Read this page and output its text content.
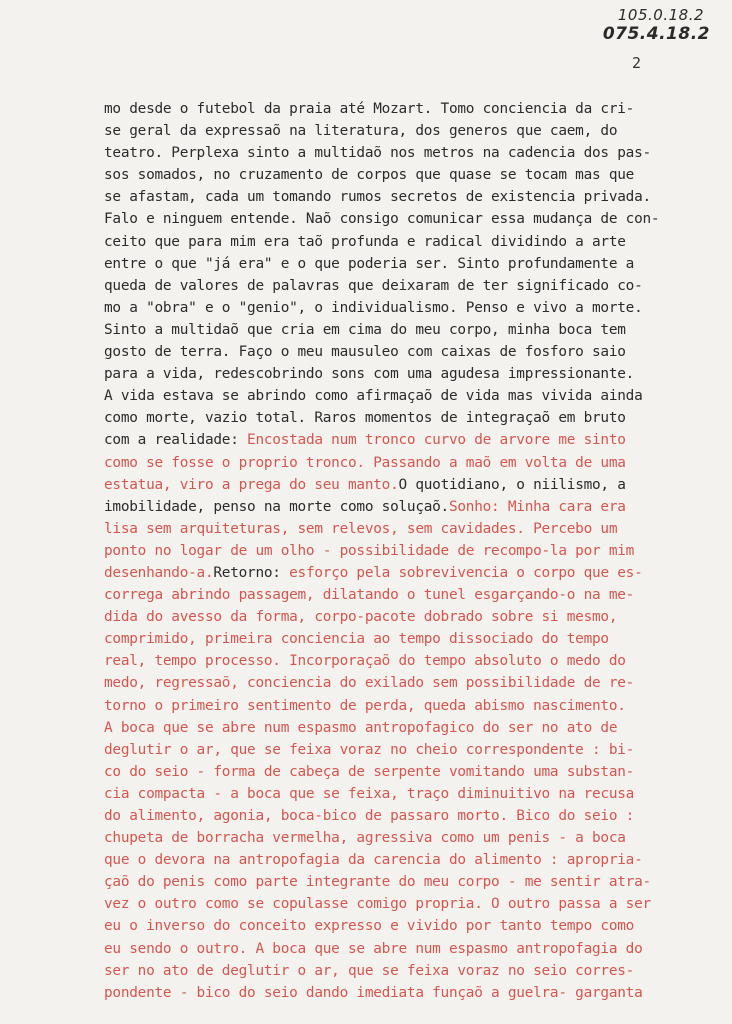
105.0.18.2
075.4.18.2
2
mo desde o futebol da praia até Mozart. Tomo conciencia da cri-
se geral da expressaõ na literatura, dos generos que caem, do
teatro. Perplexa sinto a multidaõ nos metros na cadencia dos pas-
sos somados, no cruzamento de corpos que quase se tocam mas que
se afastam, cada um tomando rumos secretos de existencia privada.
Falo e ninguem entende. Naõ consigo comunicar essa mudança de con-
ceito que para mim era taõ profunda e radical dividindo a arte
entre o que "já era" e o que poderia ser. Sinto profundamente a
queda de valores de palavras que deixaram de ter significado co-
mo a "obra" e o "genio", o individualismo. Penso e vivo a morte.
Sinto a multidaõ que cria em cima do meu corpo, minha boca tem
gosto de terra. Faço o meu mausuleo com caixas de fosforo saio
para a vida, redescobrindo sons com uma agudesa impressionante.
A vida estava se abrindo como afirmaçaõ de vida mas vivida ainda
como morte, vazio total. Raros momentos de integraçaõ em bruto
com a realidade: Encostada num tronco curvo de arvore me sinto
como se fosse o proprio tronco. Passando a maõ em volta de uma
estatua, viro a prega do seu manto.O quotidiano, o niilismo, a
imobilidade, penso na morte como soluçaõ.Sonho: Minha cara era
lisa sem arquiteturas, sem relevos, sem cavidades. Percebo um
ponto no logar de um olho - possibilidade de recompo-la por mim
desenhando-a.Retorno: esforço pela sobrevivencia o corpo que es-
correga abrindo passagem, dilatando o tunel esgarçando-o na me-
dida do avesso da forma, corpo-pacote dobrado sobre si mesmo,
comprimido, primeira conciencia ao tempo dissociado do tempo
real, tempo processo. Incorporaçaõ do tempo absoluto o medo do
medo, regressaõ, conciencia do exilado sem possibilidade de re-
torno o primeiro sentimento de perda, queda abismo nascimento.
A boca que se abre num espasmo antropofagico do ser no ato de
deglutir o ar, que se feixa voraz no cheio correspondente : bi-
co do seio - forma de cabeça de serpente vomitando uma substan-
cia compacta - a boca que se feixa, traço diminuitivo na recusa
do alimento, agonia, boca-bico de passaro morto. Bico do seio :
chupeta de borracha vermelha, agressiva como um penis - a boca
que o devora na antropofagia da carencia do alimento : apropria-
çaõ do penis como parte integrante do meu corpo - me sentir atra-
vez o outro como se copulasse comigo propria. O outro passa a ser
eu o inverso do conceito expresso e vivido por tanto tempo como
eu sendo o outro. A boca que se abre num espasmo antropofagia do
ser no ato de deglutir o ar, que se feixa voraz no seio corres-
pondente - bico do seio dando imediata funçaõ a guelra- garganta
